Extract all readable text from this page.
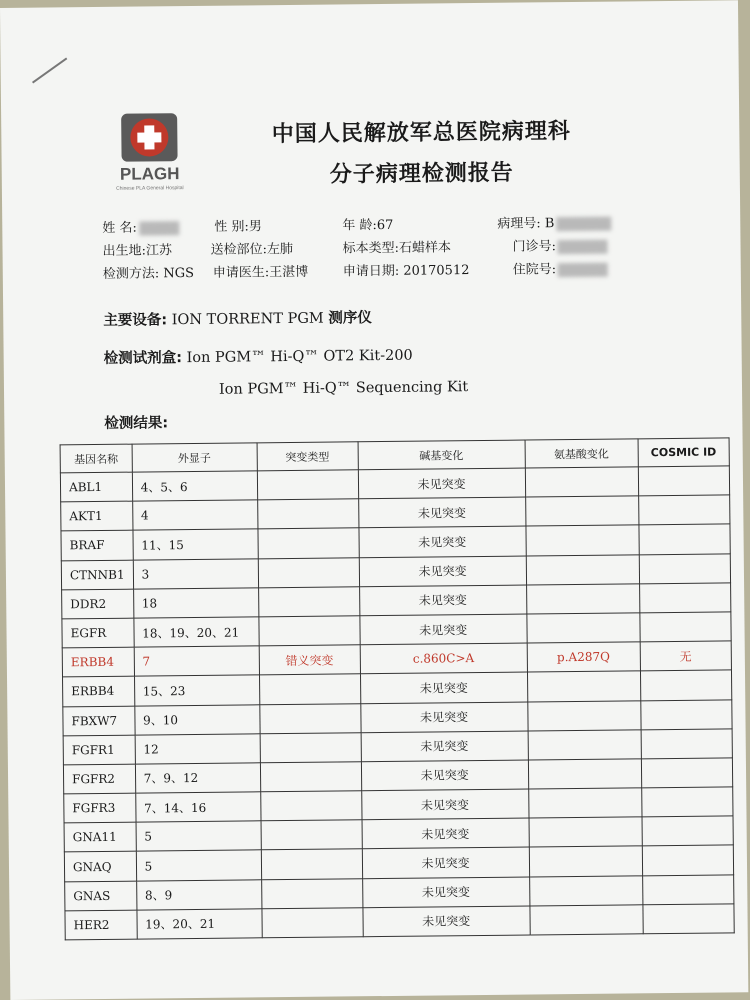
PLAGH
Chinese PLA General Hospital
中国人民解放军总医院病理科
分子病理检测报告
姓 名:	性 别:男	年 龄:67	病理号: B
出生地:江苏	送检部位:左肺	标本类型:石蜡样本	门诊号:
检测方法: NGS 申请医生:王湛博	申请日期: 20170512	住院号:
主要设备: ION TORRENT PGM 测序仪
检测试剂盒: Ion PGM™ Hi-Q™ OT2 Kit-200
Ion PGM™ Hi-Q™ Sequencing Kit
检测结果:
基因名称	外显子	突变类型	碱基变化	氨基酸变化	COSMIC ID
ABL1	4、5、6		未见突变		
AKT1	4		未见突变		
BRAF	11、15		未见突变		
CTNNB1	3		未见突变		
DDR2	18		未见突变		
EGFR	18、19、20、21		未见突变		
ERBB4	7	错义突变	c.860C>A	p.A287Q	无
ERBB4	15、23		未见突变		
FBXW7	9、10		未见突变		
FGFR1	12		未见突变		
FGFR2	7、9、12		未见突变		
FGFR3	7、14、16		未见突变		
GNA11	5		未见突变		
GNAQ	5		未见突变		
GNAS	8、9		未见突变		
HER2	19、20、21		未见突变		
